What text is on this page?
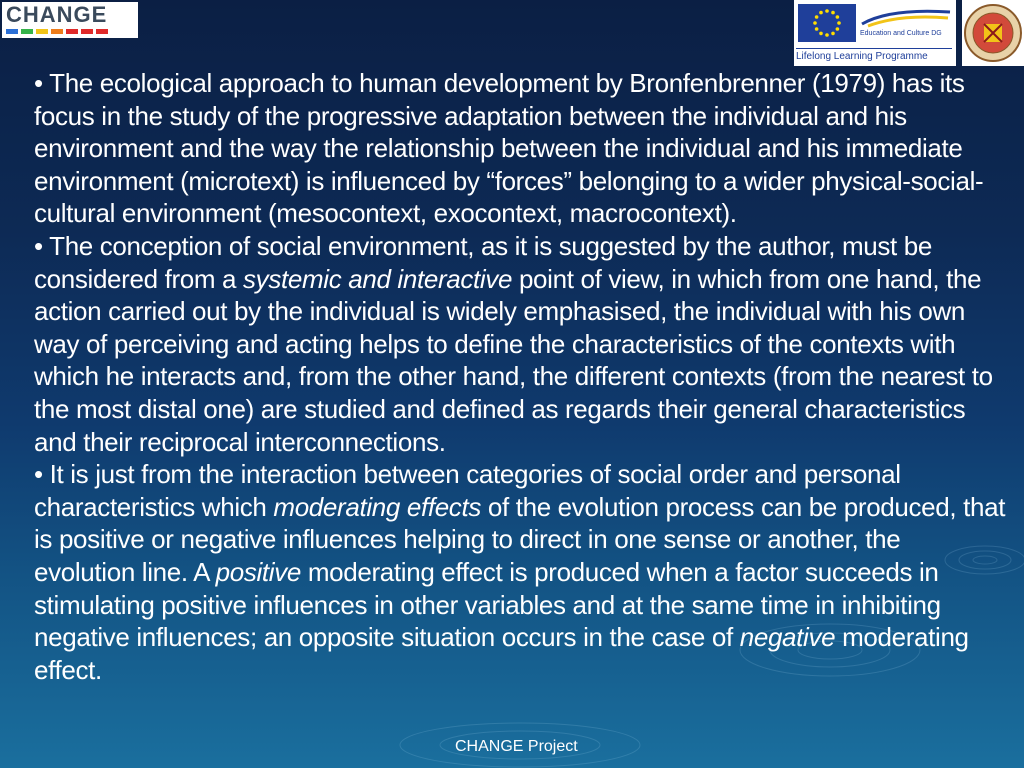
CHANGE
Education and Culture DG
Lifelong Learning Programme

• The ecological approach to human development by Bronfenbrenner (1979) has its focus in the study of the progressive adaptation between the individual and his environment and the way the relationship between the individual and his immediate environment (microtext) is influenced by “forces” belonging to a wider physical-social-cultural environment (mesocontext, exocontext, macrocontext).

• The conception of social environment, as it is suggested by the author, must be considered from a systemic and interactive point of view, in which from one hand, the action carried out by the individual is widely emphasised, the individual with his own way of perceiving and acting helps to define the characteristics of the contexts with which he interacts and, from the other hand, the different contexts (from the nearest to the most distal one) are studied and defined as regards their general characteristics and their reciprocal interconnections.

• It is just from the interaction between categories of social order and personal characteristics which moderating effects of the evolution process can be produced, that is positive or negative influences helping to direct in one sense or another, the evolution line. A positive moderating effect is produced when a factor succeeds in stimulating positive influences in other variables and at the same time in inhibiting negative influences; an opposite situation occurs in the case of negative moderating effect.

CHANGE Project
